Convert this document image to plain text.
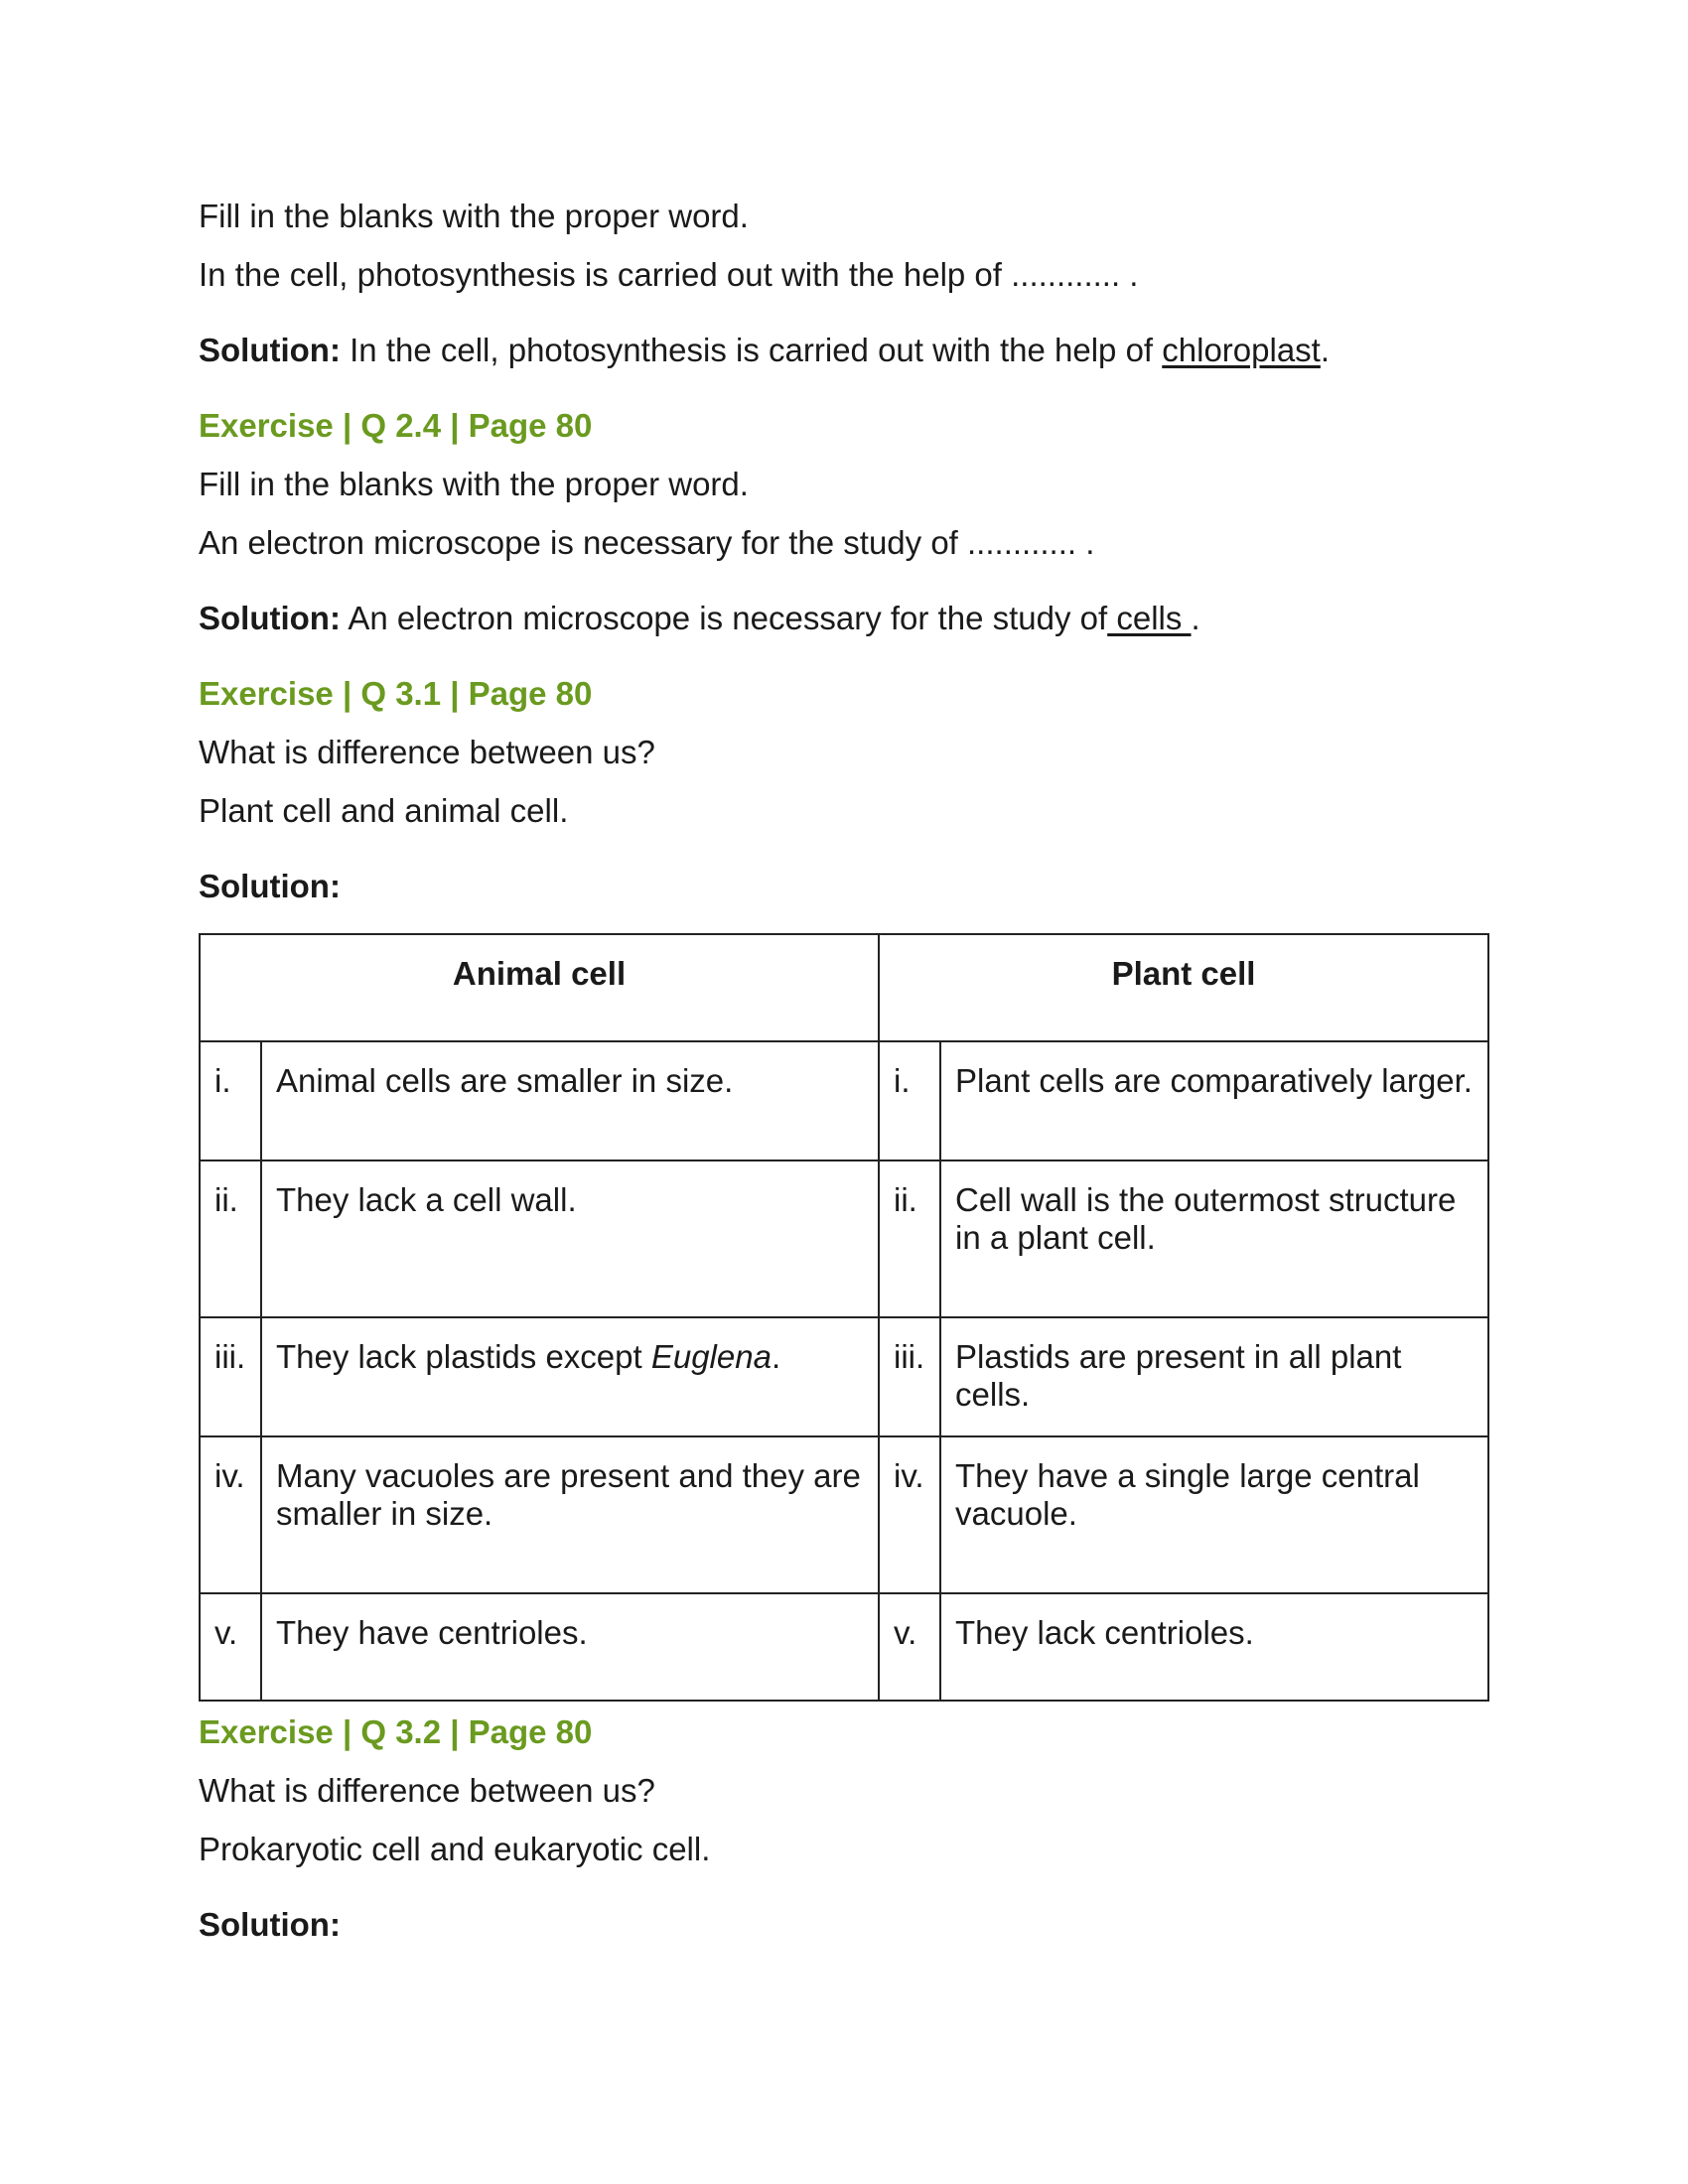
Fill in the blanks with the proper word.

In the cell, photosynthesis is carried out with the help of ............ .

Solution: In the cell, photosynthesis is carried out with the help of chloroplast.

Exercise | Q 2.4 | Page 80

Fill in the blanks with the proper word.

An electron microscope is necessary for the study of ............ .

Solution: An electron microscope is necessary for the study of cells .

Exercise | Q 3.1 | Page 80

What is difference between us?

Plant cell and animal cell.

Solution:

Animal cell		Plant cell	
i.	Animal cells are smaller in size.	i.	Plant cells are comparatively larger.
ii.	They lack a cell wall.	ii.	Cell wall is the outermost structure in a plant cell.
iii.	They lack plastids except Euglena.	iii.	Plastids are present in all plant cells.
iv.	Many vacuoles are present and they are smaller in size.	iv.	They have a single large central vacuole.
v.	They have centrioles.	v.	They lack centrioles.

Exercise | Q 3.2 | Page 80

What is difference between us?

Prokaryotic cell and eukaryotic cell.

Solution:
